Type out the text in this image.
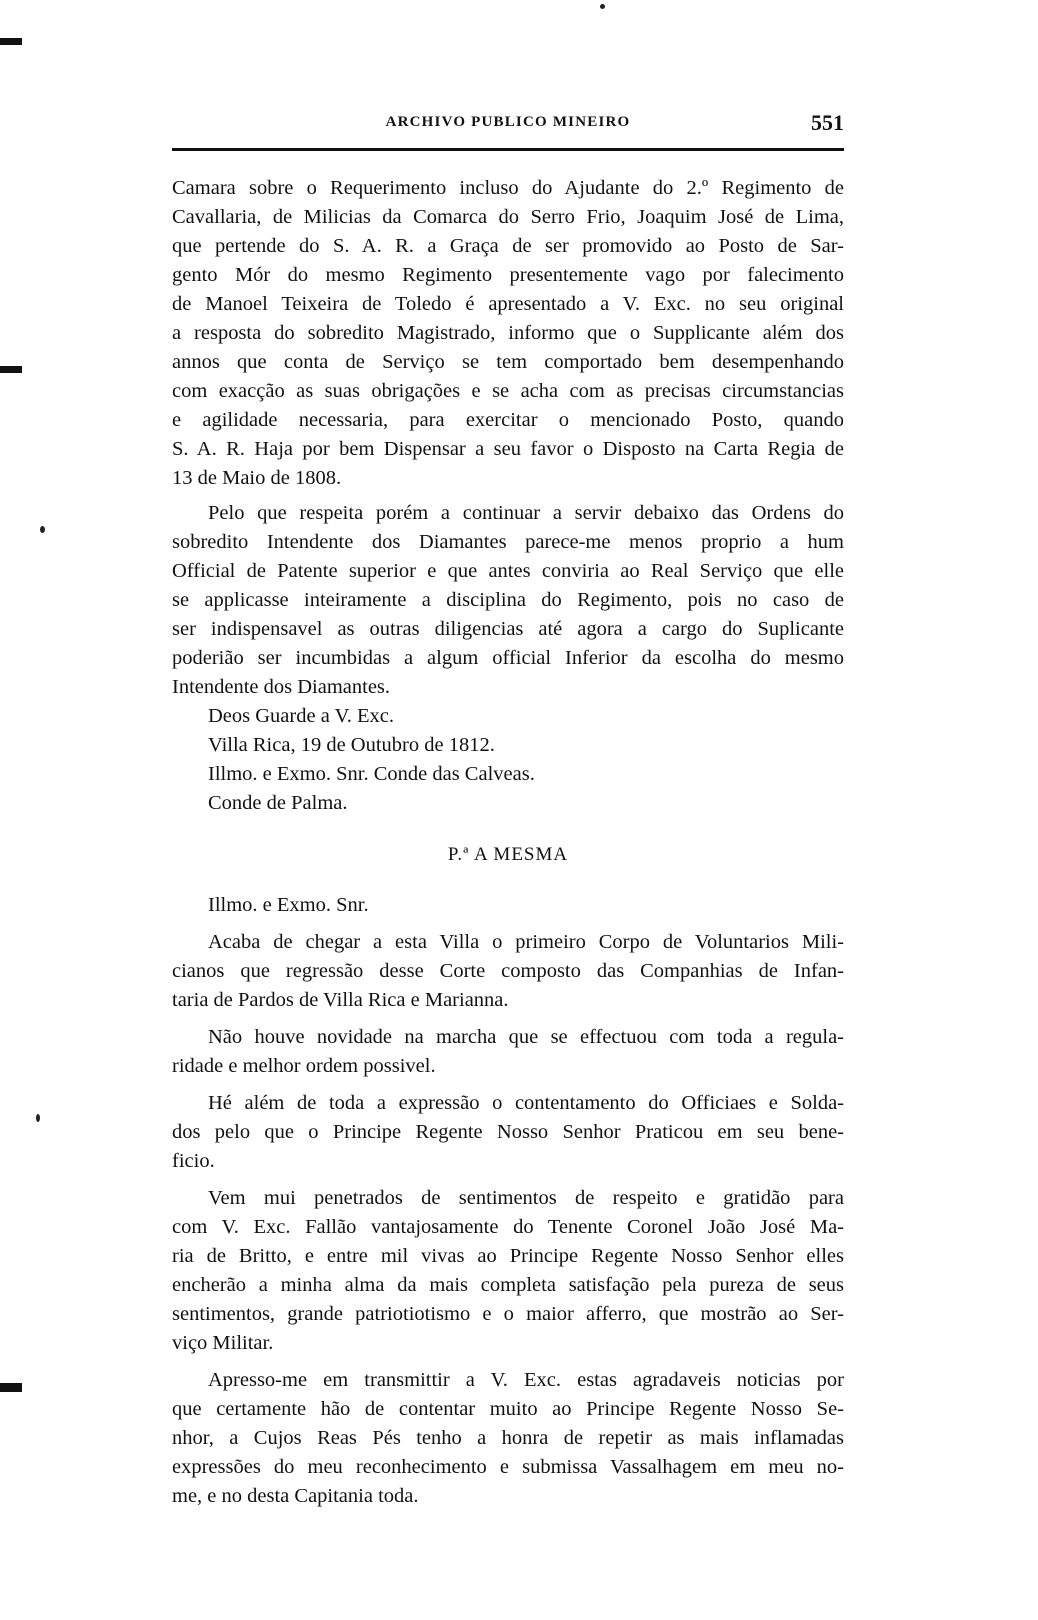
ARCHIVO PUBLICO MINEIRO	551
Camara sobre o Requerimento incluso do Ajudante do 2.º Regimento de
Cavallaria, de Milicias da Comarca do Serro Frio, Joaquim José de Lima,
que pertende do S. A. R. a Graça de ser promovido ao Posto de Sar-
gento Mór do mesmo Regimento presentemente vago por falecimento
de Manoel Teixeira de Toledo é apresentado a V. Exc. no seu original
a resposta do sobredito Magistrado, informo que o Supplicante além dos
annos que conta de Serviço se tem comportado bem desempenhando
com exacção as suas obrigações e se acha com as precisas circumstancias
e agilidade necessaria, para exercitar o mencionado Posto, quando
S. A. R. Haja por bem Dispensar a seu favor o Disposto na Carta Regia de
13 de Maio de 1808.
Pelo que respeita porém a continuar a servir debaixo das Ordens do
sobredito Intendente dos Diamantes parece-me menos proprio a hum
Official de Patente superior e que antes conviria ao Real Serviço que elle
se applicasse inteiramente a disciplina do Regimento, pois no caso de
ser indispensavel as outras diligencias até agora a cargo do Suplicante
poderião ser incumbidas a algum official Inferior da escolha do mesmo
Intendente dos Diamantes.
Deos Guarde a V. Exc.
Villa Rica, 19 de Outubro de 1812.
Illmo. e Exmo. Snr. Conde das Calveas.
Conde de Palma.
P.ª A MESMA
Illmo. e Exmo. Snr.
Acaba de chegar a esta Villa o primeiro Corpo de Voluntarios Mili-
cianos que regressão desse Corte composto das Companhias de Infan-
taria de Pardos de Villa Rica e Marianna.
Não houve novidade na marcha que se effectuou com toda a regula-
ridade e melhor ordem possivel.
Hé além de toda a expressão o contentamento do Officiaes e Solda-
dos pelo que o Principe Regente Nosso Senhor Praticou em seu bene-
ficio.
Vem mui penetrados de sentimentos de respeito e gratidão para
com V. Exc. Fallão vantajosamente do Tenente Coronel João José Ma-
ria de Britto, e entre mil vivas ao Principe Regente Nosso Senhor elles
encherão a minha alma da mais completa satisfação pela pureza de seus
sentimentos, grande patriotiotismo e o maior afferro, que mostrão ao Ser-
viço Militar.
Apresso-me em transmittir a V. Exc. estas agradaveis noticias por
que certamente hão de contentar muito ao Principe Regente Nosso Se-
nhor, a Cujos Reas Pés tenho a honra de repetir as mais inflamadas
expressões do meu reconhecimento e submissa Vassalhagem em meu no-
me, e no desta Capitania toda.
